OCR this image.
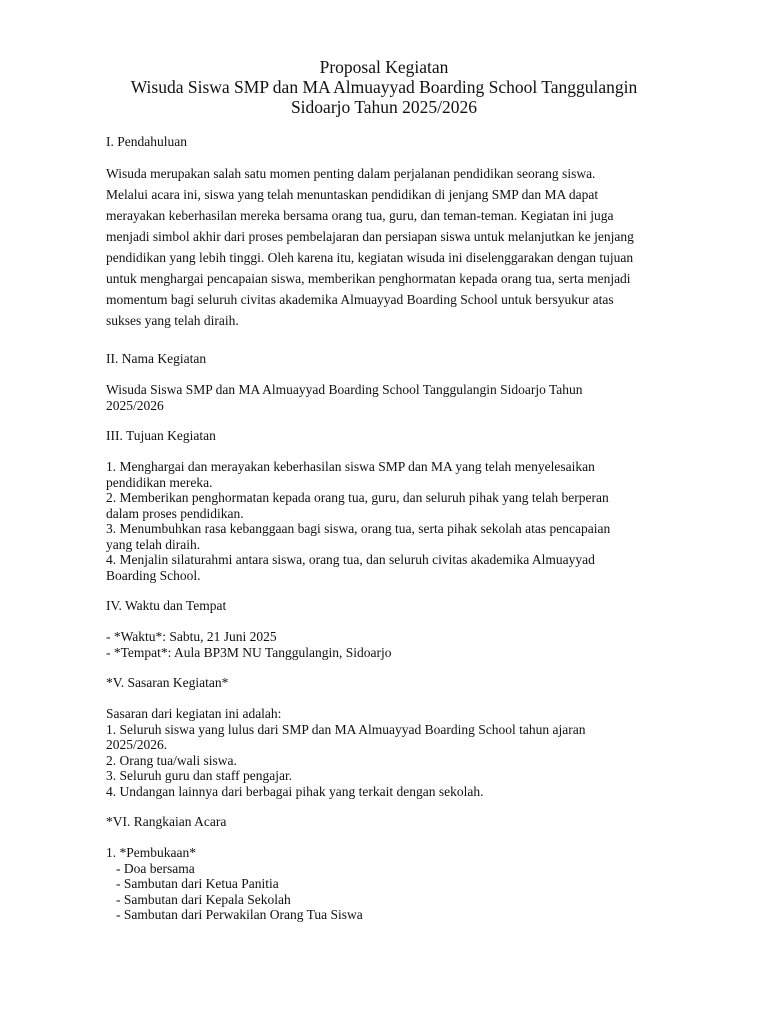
Proposal Kegiatan

Wisuda Siswa SMP dan MA Almuayyad Boarding School Tanggulangin

Sidoarjo Tahun 2025/2026

I. Pendahuluan

Wisuda merupakan salah satu momen penting dalam perjalanan pendidikan seorang siswa.

Melalui acara ini, siswa yang telah menuntaskan pendidikan di jenjang SMP dan MA dapat

merayakan keberhasilan mereka bersama orang tua, guru, dan teman-teman. Kegiatan ini juga

menjadi simbol akhir dari proses pembelajaran dan persiapan siswa untuk melanjutkan ke jenjang

pendidikan yang lebih tinggi. Oleh karena itu, kegiatan wisuda ini diselenggarakan dengan tujuan

untuk menghargai pencapaian siswa, memberikan penghormatan kepada orang tua, serta menjadi

momentum bagi seluruh civitas akademika Almuayyad Boarding School untuk bersyukur atas

sukses yang telah diraih.

II. Nama Kegiatan

Wisuda Siswa SMP dan MA Almuayyad Boarding School Tanggulangin Sidoarjo Tahun

2025/2026

III. Tujuan Kegiatan

1. Menghargai dan merayakan keberhasilan siswa SMP dan MA yang telah menyelesaikan

pendidikan mereka.

2. Memberikan penghormatan kepada orang tua, guru, dan seluruh pihak yang telah berperan

dalam proses pendidikan.

3. Menumbuhkan rasa kebanggaan bagi siswa, orang tua, serta pihak sekolah atas pencapaian

yang telah diraih.

4. Menjalin silaturahmi antara siswa, orang tua, dan seluruh civitas akademika Almuayyad

Boarding School.

IV. Waktu dan Tempat

- *Waktu*: Sabtu, 21 Juni 2025

- *Tempat*: Aula BP3M NU Tanggulangin, Sidoarjo

*V. Sasaran Kegiatan*

Sasaran dari kegiatan ini adalah:

1. Seluruh siswa yang lulus dari SMP dan MA Almuayyad Boarding School tahun ajaran

2025/2026.

2. Orang tua/wali siswa.

3. Seluruh guru dan staff pengajar.

4. Undangan lainnya dari berbagai pihak yang terkait dengan sekolah.

*VI. Rangkaian Acara

1. *Pembukaan*

- Doa bersama

- Sambutan dari Ketua Panitia

- Sambutan dari Kepala Sekolah

- Sambutan dari Perwakilan Orang Tua Siswa
